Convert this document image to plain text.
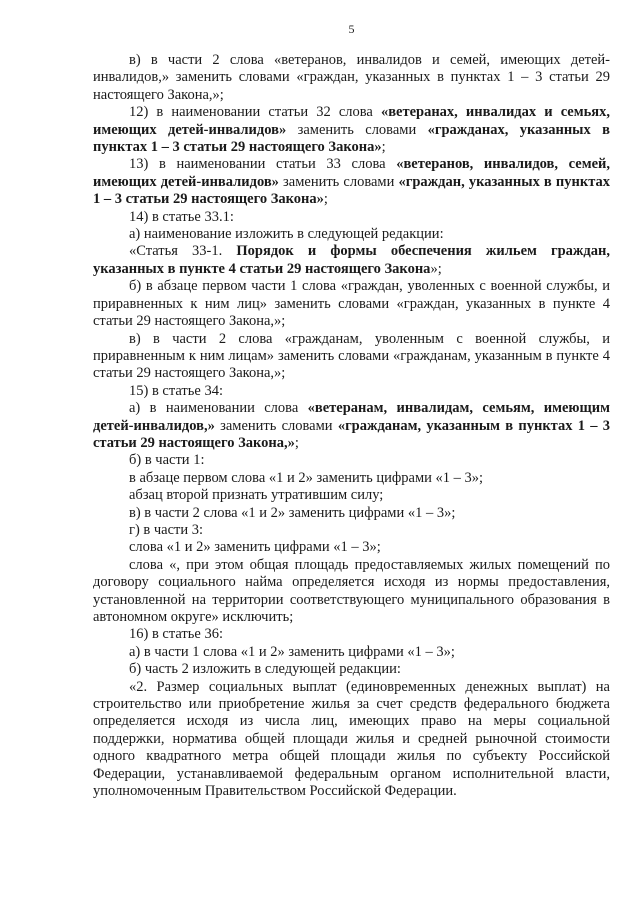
5

в) в части 2 слова «ветеранов, инвалидов и семей, имеющих детей-инвалидов,» заменить словами «граждан, указанных в пунктах 1 – 3 статьи 29 настоящего Закона,»;

12) в наименовании статьи 32 слова «ветеранах, инвалидах и семьях, имеющих детей-инвалидов» заменить словами «гражданах, указанных в пунктах 1 – 3 статьи 29 настоящего Закона»;

13) в наименовании статьи 33 слова «ветеранов, инвалидов, семей, имеющих детей-инвалидов» заменить словами «граждан, указанных в пунктах 1 – 3 статьи 29 настоящего Закона»;

14) в статье 33.1:

а) наименование изложить в следующей редакции:

«Статья 33-1. Порядок и формы обеспечения жильем граждан, указанных в пункте 4 статьи 29 настоящего Закона»;

б) в абзаце первом части 1 слова «граждан, уволенных с военной службы, и приравненных к ним лиц» заменить словами «граждан, указанных в пункте 4 статьи 29 настоящего Закона,»;

в) в части 2 слова «гражданам, уволенным с военной службы, и приравненным к ним лицам» заменить словами «гражданам, указанным в пункте 4 статьи 29 настоящего Закона,»;

15) в статье 34:

а) в наименовании слова «ветеранам, инвалидам, семьям, имеющим детей-инвалидов,» заменить словами «гражданам, указанным в пунктах 1 – 3 статьи 29 настоящего Закона,»;

б) в части 1:

в абзаце первом слова «1 и 2» заменить цифрами «1 – 3»;

абзац второй признать утратившим силу;

в) в части 2 слова «1 и 2» заменить цифрами «1 – 3»;

г) в части 3:

слова «1 и 2» заменить цифрами «1 – 3»;

слова «, при этом общая площадь предоставляемых жилых помещений по договору социального найма определяется исходя из нормы предоставления, установленной на территории соответствующего муниципального образования в автономном округе» исключить;

16) в статье 36:

а) в части 1 слова «1 и 2» заменить цифрами «1 – 3»;

б) часть 2 изложить в следующей редакции:

«2. Размер социальных выплат (единовременных денежных выплат) на строительство или приобретение жилья за счет средств федерального бюджета определяется исходя из числа лиц, имеющих право на меры социальной поддержки, норматива общей площади жилья и средней рыночной стоимости одного квадратного метра общей площади жилья по субъекту Российской Федерации, устанавливаемой федеральным органом исполнительной власти, уполномоченным Правительством Российской Федерации.
